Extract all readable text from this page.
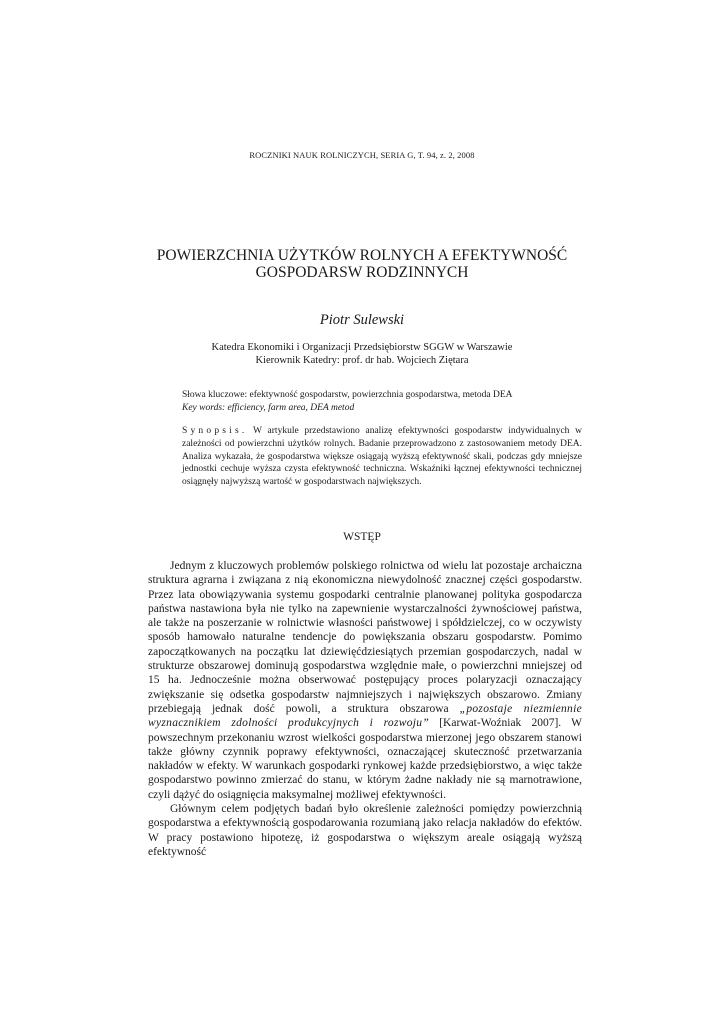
ROCZNIKI NAUK ROLNICZYCH, SERIA G, T. 94, z. 2, 2008
POWIERZCHNIA UŻYTKÓW ROLNYCH A EFEKTYWNOŚĆ
GOSPODARSW RODZINNYCH
Piotr Sulewski
Katedra Ekonomiki i Organizacji Przedsiębiorstw SGGW w Warszawie
Kierownik Katedry: prof. dr hab. Wojciech Ziętara
Słowa kluczowe: efektywność gospodarstw, powierzchnia gospodarstwa, metoda DEA
Key words: efficiency, farm area, DEA metod
Synopsis. W artykule przedstawiono analizę efektywności gospodarstw indywidualnych w zależności od powierzchni użytków rolnych. Badanie przeprowadzono z zastosowaniem metody DEA. Analiza wykazała, że gospodarstwa większe osiągają wyższą efektywność skali, podczas gdy mniejsze jednostki cechuje wyższa czysta efektywność techniczna. Wskaźniki łącznej efektywności technicznej osiągnęły najwyższą wartość w gospodarstwach największych.
WSTĘP

Jednym z kluczowych problemów polskiego rolnictwa od wielu lat pozostaje archaiczna struktura agrarna i związana z nią ekonomiczna niewydolność znacznej części gospodarstw. Przez lata obowiązywania systemu gospodarki centralnie planowanej polityka gospodarcza państwa nastawiona była nie tylko na zapewnienie wystarczalności żywnościowej państwa, ale także na poszerzanie w rolnictwie własności państwowej i spółdzielczej, co w oczywisty sposób hamowało naturalne tendencje do powiększania obszaru gospodarstw. Pomimo zapoczątkowanych na początku lat dziewięćdziesiątych przemian gospodarczych, nadal w strukturze obszarowej dominują gospodarstwa względnie małe, o powierzchni mniejszej od 15 ha. Jednocześnie można obserwować postępujący proces polaryzacji oznaczający zwiększanie się odsetka gospodarstw najmniejszych i największych obszarowo. Zmiany przebiegają jednak dość powoli, a struktura obszarowa „pozostaje niezmiennie wyznacznikiem zdolności produkcyjnych i rozwoju” [Karwat-Woźniak 2007]. W powszechnym przekonaniu wzrost wielkości gospodarstwa mierzonej jego obszarem stanowi także główny czynnik poprawy efektywności, oznaczającej skuteczność przetwarzania nakładów w efekty. W warunkach gospodarki rynkowej każde przedsiębiorstwo, a więc także gospodarstwo powinno zmierzać do stanu, w którym żadne nakłady nie są marnotrawione, czyli dążyć do osiągnięcia maksymalnej możliwej efektywności.

Głównym celem podjętych badań było określenie zależności pomiędzy powierzchnią gospodarstwa a efektywnością gospodarowania rozumianą jako relacja nakładów do efektów. W pracy postawiono hipotezę, iż gospodarstwa o większym areale osiągają wyższą efektywność
